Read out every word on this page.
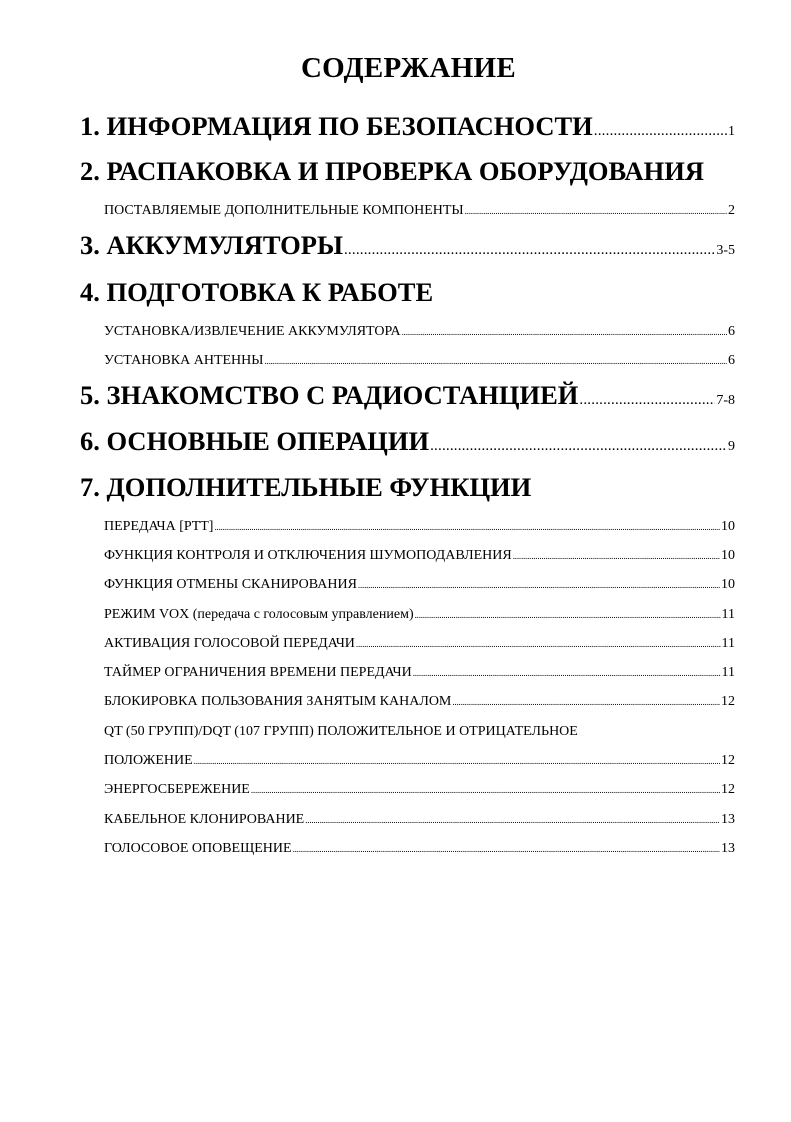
СОДЕРЖАНИЕ
1. ИНФОРМАЦИЯ ПО БЕЗОПАСНОСТИ .....	1
2. РАСПАКОВКА И ПРОВЕРКА ОБОРУДОВАНИЯ
ПОСТАВЛЯЕМЫЕ ДОПОЛНИТЕЛЬНЫЕ КОМПОНЕНТЫ .....	2
3. АККУМУЛЯТОРЫ .....	3-5
4. ПОДГОТОВКА К РАБОТЕ
УСТАНОВКА/ИЗВЛЕЧЕНИЕ АККУМУЛЯТОРА .....	6
УСТАНОВКА АНТЕННЫ .....	6
5. ЗНАКОМСТВО С РАДИОСТАНЦИЕЙ .....	7-8
6. ОСНОВНЫЕ ОПЕРАЦИИ .....	9
7. ДОПОЛНИТЕЛЬНЫЕ ФУНКЦИИ
ПЕРЕДАЧА [PTT] .....	10
ФУНКЦИЯ КОНТРОЛЯ И ОТКЛЮЧЕНИЯ ШУМОПОДАВЛЕНИЯ .....	10
ФУНКЦИЯ ОТМЕНЫ СКАНИРОВАНИЯ .....	10
РЕЖИМ VOX (передача с голосовым управлением) .....	11
АКТИВАЦИЯ ГОЛОСОВОЙ ПЕРЕДАЧИ .....	11
ТАЙМЕР ОГРАНИЧЕНИЯ ВРЕМЕНИ ПЕРЕДАЧИ .....	11
БЛОКИРОВКА ПОЛЬЗОВАНИЯ ЗАНЯТЫМ КАНАЛОМ .....	12
QT (50 ГРУПП)/DQT (107 ГРУПП) ПОЛОЖИТЕЛЬНОЕ И ОТРИЦАТЕЛЬНОЕ
ПОЛОЖЕНИЕ .....	12
ЭНЕРГОСБЕРЕЖЕНИЕ .....	12
КАБЕЛЬНОЕ КЛОНИРОВАНИЕ .....	13
ГОЛОСОВОЕ ОПОВЕЩЕНИЕ .....	13
